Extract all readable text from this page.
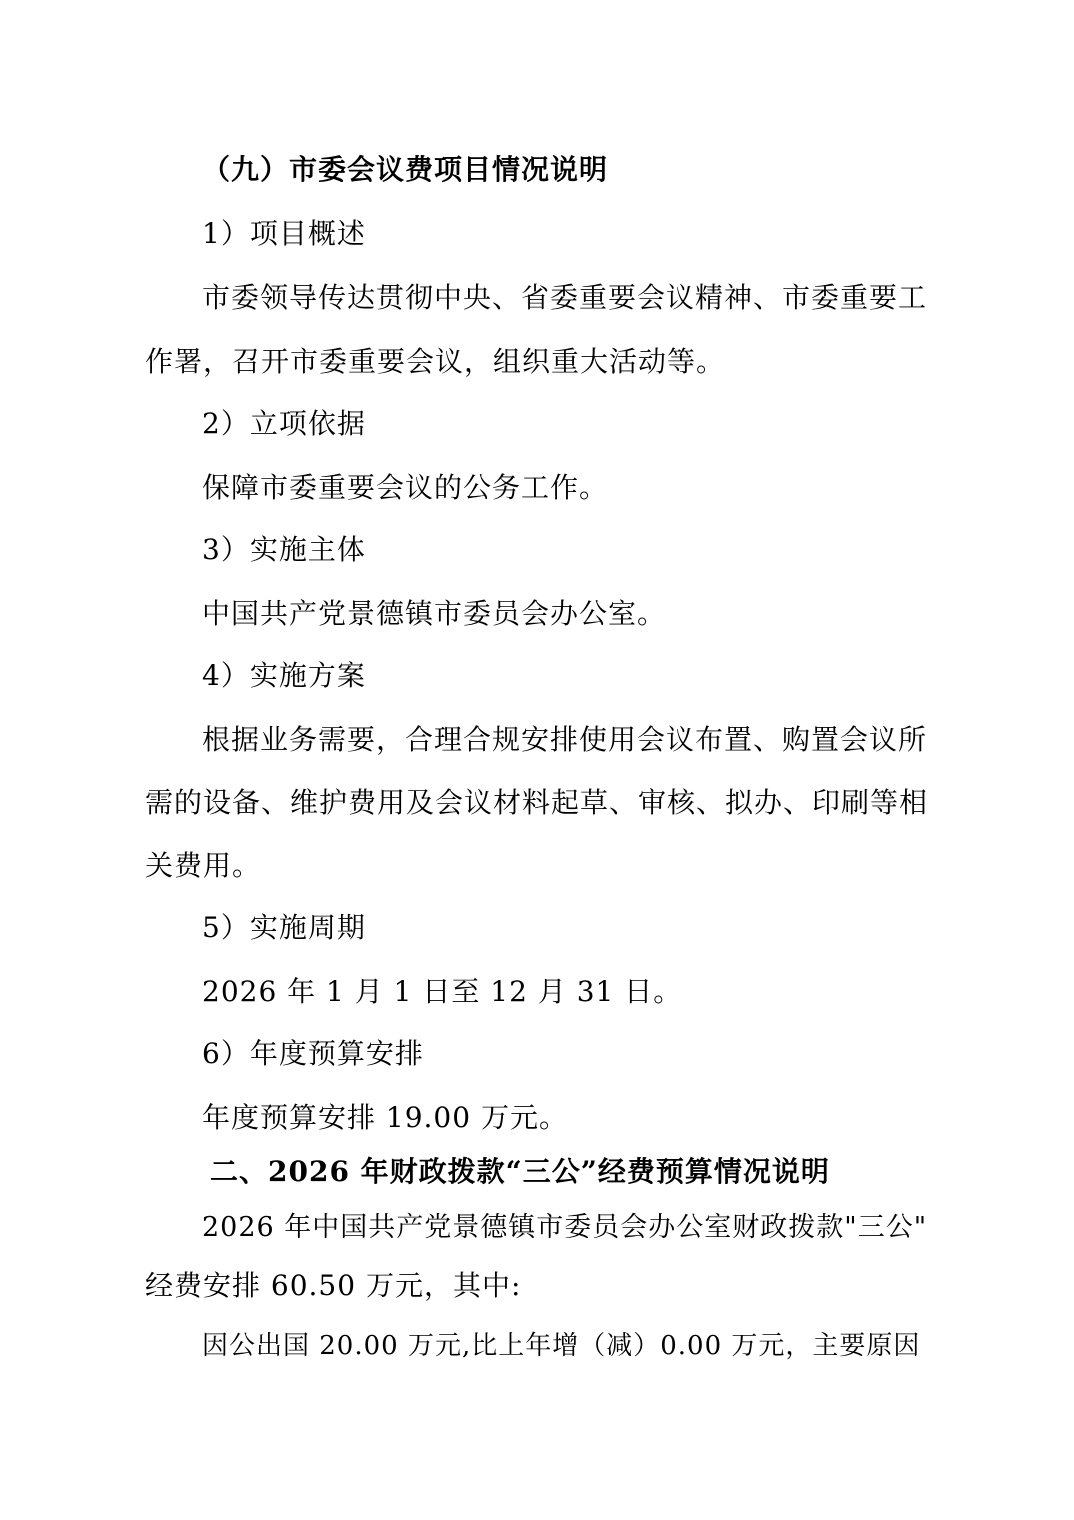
（九）市委会议费项目情况说明
1）项目概述
市委领导传达贯彻中央、省委重要会议精神、市委重要工
作署，召开市委重要会议，组织重大活动等。
2）立项依据
保障市委重要会议的公务工作。
3）实施主体
中国共产党景德镇市委员会办公室。
4）实施方案
根据业务需要，合理合规安排使用会议布置、购置会议所
需的设备、维护费用及会议材料起草、审核、拟办、印刷等相
关费用。
5）实施周期
2026 年 1 月 1 日至 12 月 31 日。
6）年度预算安排
年度预算安排 19.00 万元。
二、2026 年财政拨款“三公”经费预算情况说明
2026 年中国共产党景德镇市委员会办公室财政拨款"三公"
经费安排 60.50 万元，其中:
因公出国 20.00 万元,比上年增（减）0.00 万元，主要原因
